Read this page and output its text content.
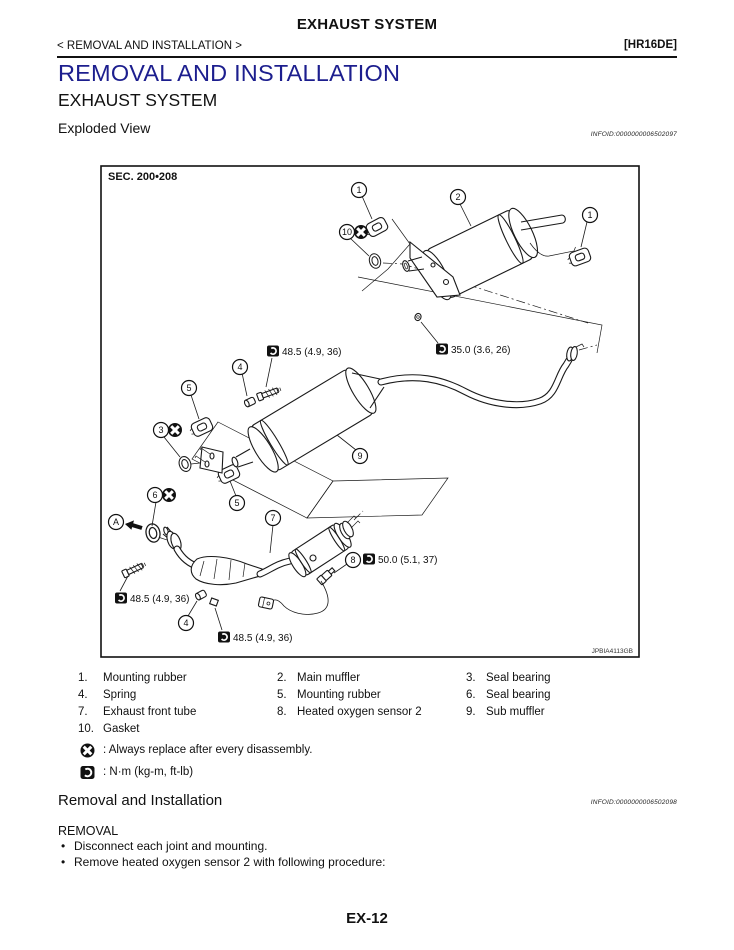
EXHAUST SYSTEM
< REMOVAL AND INSTALLATION >	[HR16DE]
REMOVAL AND INSTALLATION
EXHAUST SYSTEM
Exploded View	INFOID:0000000006502097
SEC. 200•208
A
1
2
1
10
4
5
3
9
5
6
7
8
4
48.5 (4.9, 36)	35.0 (3.6, 26)
50.0 (5.1, 37)
48.5 (4.9, 36)
48.5 (4.9, 36)
JPBIA4113GB
1.	Mounting rubber	2. Main muffler	3. Seal bearing
4.	Spring	5. Mounting rubber	6. Seal bearing
7.	Exhaust front tube	8. Heated oxygen sensor 2	9. Sub muffler
10. Gasket
: Always replace after every disassembly.
: N·m (kg-m, ft-lb)
Removal and Installation	INFOID:0000000006502098
REMOVAL
• Disconnect each joint and mounting.
• Remove heated oxygen sensor 2 with following procedure:
EX-12
